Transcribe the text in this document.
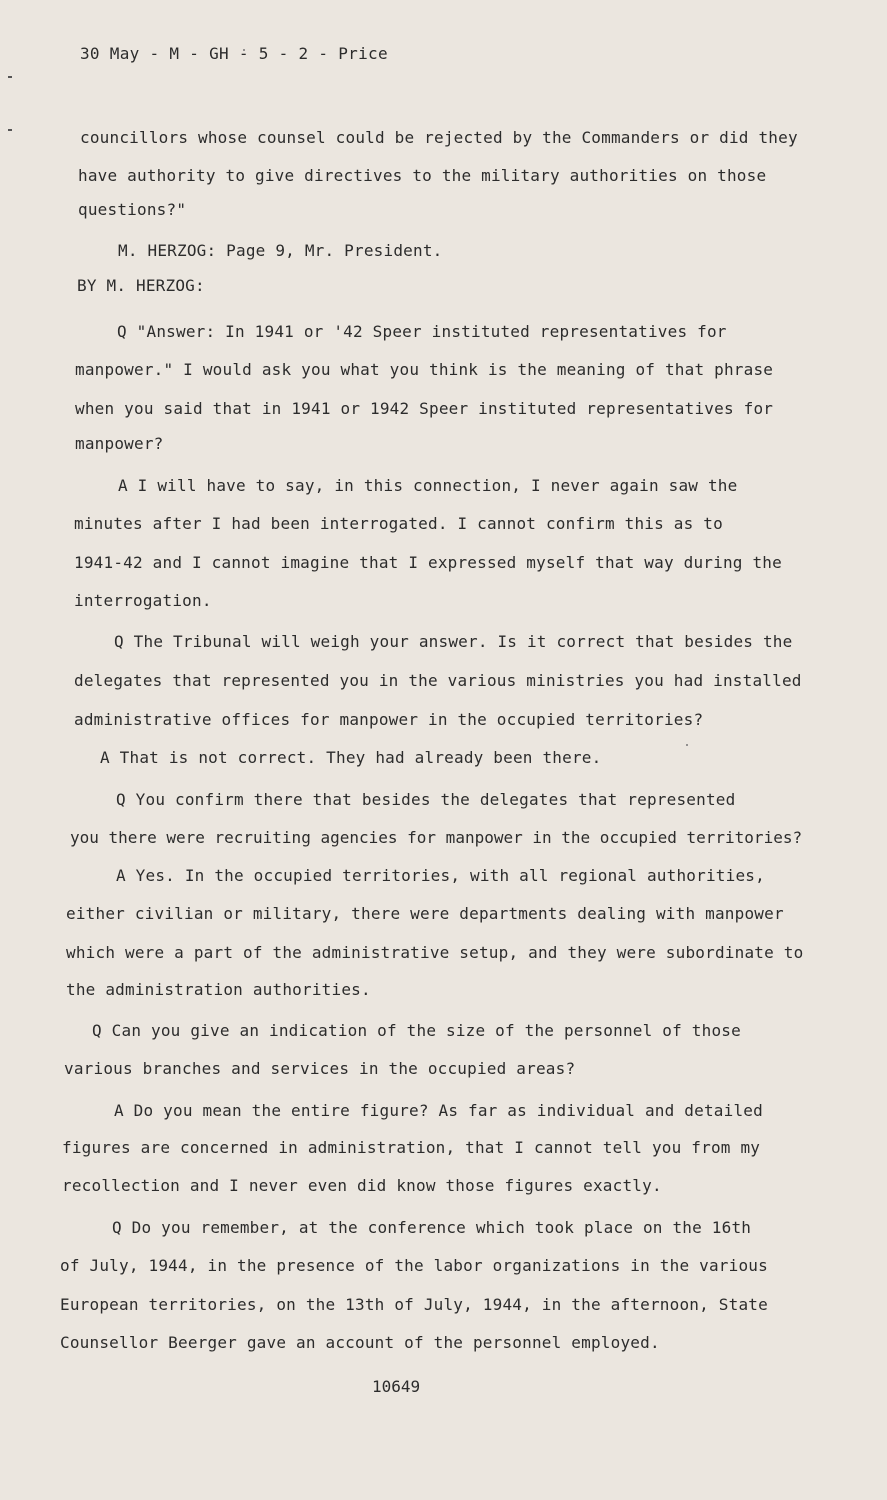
30 May - M - GH - 5 - 2 - Price
councillors whose counsel could be rejected by the Commanders or did they
have authority to give directives to the military authorities on those
questions?"
M. HERZOG: Page 9, Mr. President.
BY M. HERZOG:
Q "Answer: In 1941 or '42 Speer instituted representatives for
manpower." I would ask you what you think is the meaning of that phrase
when you said that in 1941 or 1942 Speer instituted representatives for
manpower?
A I will have to say, in this connection, I never again saw the
minutes after I had been interrogated. I cannot confirm this as to
1941-42 and I cannot imagine that I expressed myself that way during the
interrogation.
Q The Tribunal will weigh your answer. Is it correct that besides the
delegates that represented you in the various ministries you had installed
administrative offices for manpower in the occupied territories?
A That is not correct. They had already been there.
Q You confirm there that besides the delegates that represented
you there were recruiting agencies for manpower in the occupied territories?
A Yes. In the occupied territories, with all regional authorities,
either civilian or military, there were departments dealing with manpower
which were a part of the administrative setup, and they were subordinate to
the administration authorities.
Q Can you give an indication of the size of the personnel of those
various branches and services in the occupied areas?
A Do you mean the entire figure? As far as individual and detailed
figures are concerned in administration, that I cannot tell you from my
recollection and I never even did know those figures exactly.
Q Do you remember, at the conference which took place on the 16th
of July, 1944, in the presence of the labor organizations in the various
European territories, on the 13th of July, 1944, in the afternoon, State
Counsellor Beerger gave an account of the personnel employed.
10649
